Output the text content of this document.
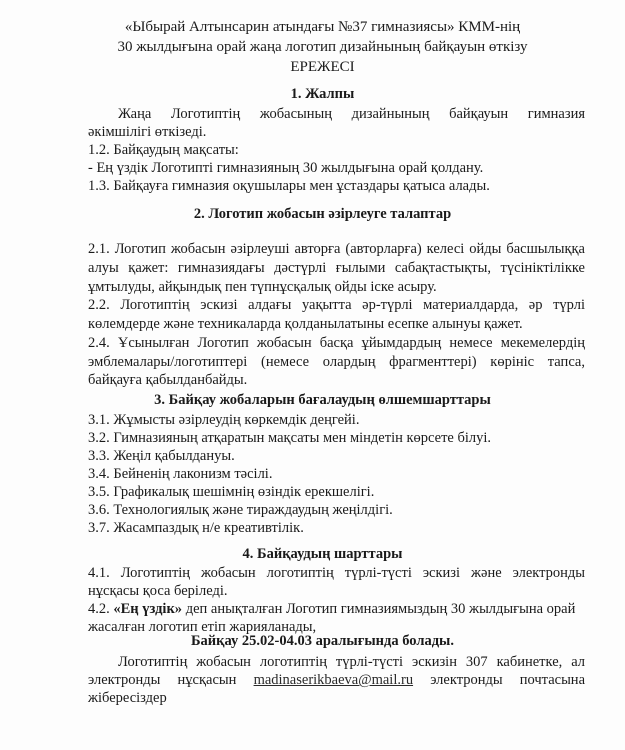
«Ыбырай Алтынсарин атындағы №37 гимназиясы» КММ-нің
30 жылдығына орай жаңа логотип дизайнының байқауын өткізу
ЕРЕЖЕСІ
1. Жалпы
Жаңа Логотиптің жобасының дизайнының байқауын гимназия
әкімшілігі өткізеді.
1.2. Байқаудың мақсаты:
- Ең үздік Логотипті гимназияның 30 жылдығына орай қолдану.
1.3. Байқауға гимназия оқушылары мен ұстаздары қатыса алады.
2. Логотип жобасын әзірлеуге талаптар
2.1. Логотип жобасын әзірлеуші авторға (авторларға) келесі ойды басшылыққа
алуы қажет: гимназиядағы дәстүрлі ғылыми сабақтастықты, түсініктілікке
ұмтылуды, айқындық пен түпнұсқалық ойды іске асыру.
2.2. Логотиптің эскизі алдағы уақытта әр-түрлі материалдарда, әр түрлі
көлемдерде және техникаларда қолданылатыны есепке алынуы қажет.
2.4. Ұсынылған Логотип жобасын басқа ұйымдардың немесе мекемелердің
эмблемалары/логотиптері (немесе олардың фрагменттері) көрініс тапса,
байқауға қабылданбайды.
3. Байқау жобаларын бағалаудың өлшемшарттары
3.1. Жұмысты әзірлеудің көркемдік деңгейі.
3.2. Гимназияның атқаратын мақсаты мен міндетін көрсете білуі.
3.3. Жеңіл қабылдануы.
3.4. Бейненің лаконизм тәсілі.
3.5. Графикалық шешімнің өзіндік ерекшелігі.
3.6. Технологиялық және тираждаудың жеңілдігі.
3.7. Жасампаздық н/е креативтілік.
4. Байқаудың шарттары
4.1. Логотиптің жобасын логотиптің түрлі-түсті эскизі және электронды
нұсқасы қоса беріледі.
4.2. «Ең үздік» деп анықталған Логотип гимназиямыздың 30 жылдығына орай
жасалған логотип етіп жарияланады,
Байқау 25.02-04.03 аралығында болады.
Логотиптің жобасын логотиптің түрлі-түсті эскизін 307 кабинетке, ал
электронды нұсқасын madinaserikbaeva@mail.ru электронды почтасына
жібересіздер
